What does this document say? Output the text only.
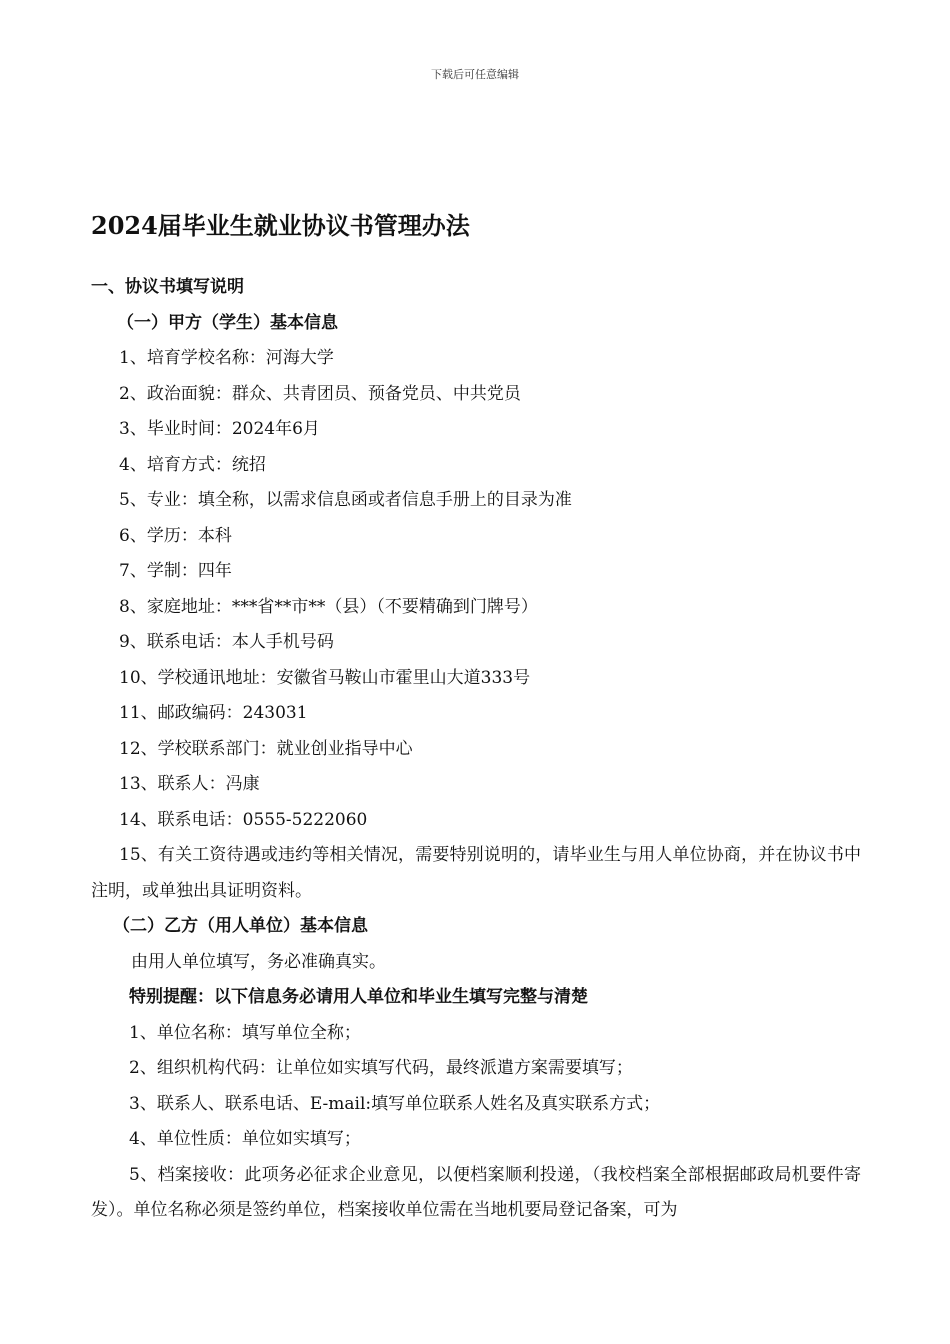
下载后可任意编辑
2024届毕业生就业协议书管理办法

一、协议书填写说明

（一）甲方（学生）基本信息

1、培育学校名称：河海大学

2、政治面貌：群众、共青团员、预备党员、中共党员

3、毕业时间：2024年6月

4、培育方式：统招

5、专业：填全称，以需求信息函或者信息手册上的目录为准

6、学历：本科

7、学制：四年

8、家庭地址：***省**市**（县）（不要精确到门牌号）

9、联系电话：本人手机号码

10、学校通讯地址：安徽省马鞍山市霍里山大道333号

11、邮政编码：243031

12、学校联系部门：就业创业指导中心

13、联系人：冯康

14、联系电话：0555-5222060

15、有关工资待遇或违约等相关情况，需要特别说明的，请毕业生与用人单位协商，并在协议书中注明，或单独出具证明资料。

（二）乙方（用人单位）基本信息

由用人单位填写，务必准确真实。

特别提醒：以下信息务必请用人单位和毕业生填写完整与清楚

1、单位名称：填写单位全称；

2、组织机构代码：让单位如实填写代码，最终派遣方案需要填写；

3、联系人、联系电话、E-mail:填写单位联系人姓名及真实联系方式；

4、单位性质：单位如实填写；

5、档案接收：此项务必征求企业意见，以便档案顺利投递，（我校档案全部根据邮政局机要件寄发）。单位名称必须是签约单位，档案接收单位需在当地机要局登记备案，可为
